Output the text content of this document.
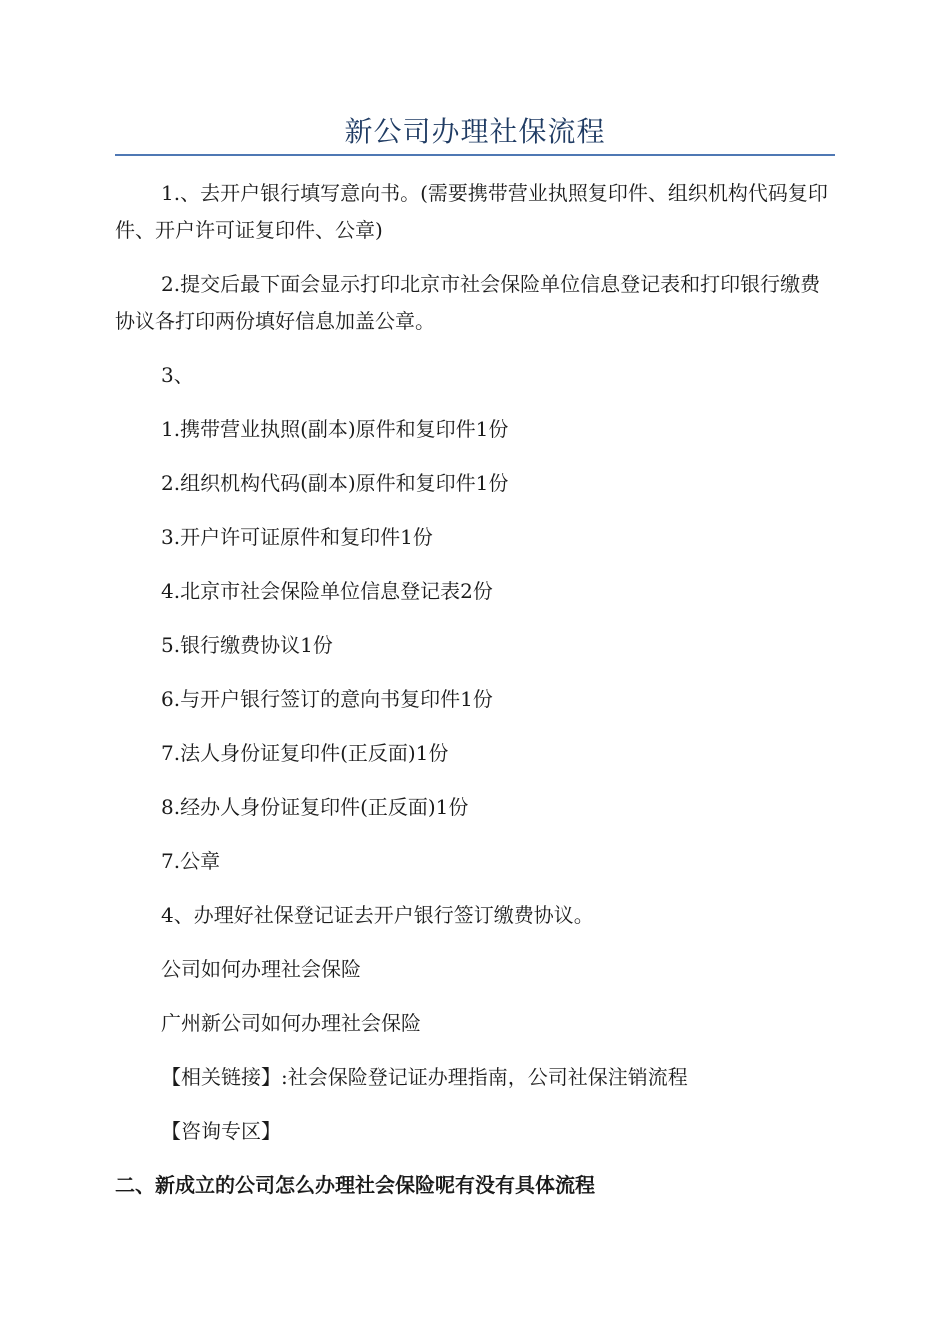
新公司办理社保流程

1.、去开户银行填写意向书。(需要携带营业执照复印件、组织机构代码复印件、开户许可证复印件、公章)

2.提交后最下面会显示打印北京市社会保险单位信息登记表和打印银行缴费协议各打印两份填好信息加盖公章。

3、

1.携带营业执照(副本)原件和复印件1份

2.组织机构代码(副本)原件和复印件1份

3.开户许可证原件和复印件1份

4.北京市社会保险单位信息登记表2份

5.银行缴费协议1份

6.与开户银行签订的意向书复印件1份

7.法人身份证复印件(正反面)1份

8.经办人身份证复印件(正反面)1份

7.公章

4、办理好社保登记证去开户银行签订缴费协议。

公司如何办理社会保险

广州新公司如何办理社会保险

【相关链接】:社会保险登记证办理指南，公司社保注销流程

【咨询专区】

二、新成立的公司怎么办理社会保险呢有没有具体流程
